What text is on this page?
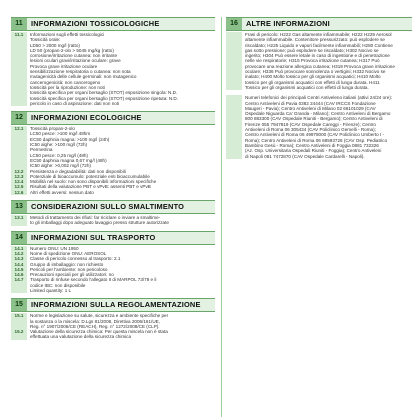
11	INFORMAZIONI TOSSICOLOGICHE
11.1	Informazioni sugli effetti tossicologici
Tossicità orale:
LD50 > 2000 mg/l (ratto)
LD 50 (propan-2-olo > 5045 mg/kg (ratto)
corrosione/irritazione cutanea: non irritante
lesioni oculari gravi/irritazione oculare: grave
Provoca grave irritazione oculare
sensibilizzazione respiratoria o cutanea: non nota
mutagenicità delle cellule germinali: non mutagenico
cancerogenicità: non cancerogeno
tossicità per la riproduzione: non noti
tossicità specifica per organi bersaglio (STOT) esposizione singola: N.D.
tossicità specifica per organi bersaglio (STOT) esposizione ripetuta: N.D.
pericolo in caso di aspirazione: dati non noti
12	INFORMAZIONI ECOLOGICHE
12.1	Tossicità propan-2-olo
LC50 pesce: >100 mg/l 48hrs
EC50 daphnia magna: >100 mg/l (24h)
IC50 alghe: >100 mg/l (72h)
Permetrina
LC50 pesce: 0,25 mg/l (48h)
EC50 daphnia magna 0,67 mg/l (48h)
IC50 alghe: >0,002 mg/l (72h)
12.2	Persistenza e degradabilità: dati non disponibili
12.3	Potenziale di bioaccumulo: potenziale enti bioaccumulabile
12.4	Mobilità nel suolo: non sono disponibili informazioni specifiche
12.5	Risultati della valutazione PBT e vPvB: assenti PBT e vPvB
12.6	Altri effetti avversi: nessun dato
13	CONSIDERAZIONI SULLO SMALTIMENTO
13.1	Metodi di trattamento dei rifiuti: far riciclare o inviare a smaltime-
to gli imballaggi dopo adeguato lavaggio presso strutture autorizzate
14	INFORMAZIONI SUL TRASPORTO
14.1	Numero ONU: UN 1950
14.2	Nome di spedizione ONU: AEROSOL
14.3	Classe di pericolo connesso al trasporto: 2.1
14.4	Gruppo di imballaggio: non richiesto
14.5	Pericoli per l'ambiente: non pericoloso
14.6	Precauzioni speciali per gli utilizzatori: no
14.7	Trasporto di rinfuse secondo l'allegato II di MARPOL 73/78 e il
codice IBC: non disponibile
Limited quantity: 1 L
15	INFORMAZIONI SULLA REGOLAMENTAZIONE
15.1	Norme e legislazione su salute, sicurezza e ambiente specifiche per
la sostanza o la miscela: D.Lgs 81/2008, Direttiva 2006/161/UE,
Reg. n° 1907/2006/CE (REACH), Reg. n° 1272/2008/CE (CLP).
15.2	Valutazione della sicurezza chimica: Per questa miscela non è stata
effettuata una valutazione della sicurezza chimica
16	ALTRE INFORMAZIONI
Frasi di pericolo: H222 Gas altamente infiammabile; H222 H229 Aerosol
altamente infiammabile. Contenitore pressurizzato: può esplodere se
riscaldato; H225 Liquido e vapori facilmente infiammabili; H280 Contiene
gas sotto pressione; può esplodere se riscaldato; H302 Nocivo se
ingerito; H304 Può essere letale in caso di ingestione e di penetrazione
nelle vie respiratorie; H315 Provoca irritazione cutanea; H317 Può
provocare una reazione allergica cutanea; H319 Provoca grave irritazione
oculare; H336 Può provocare sonnolenza o vertigini; H332 Nocivo se
inalato; H400 Molto tossico per gli organismi acquatici; H410 Molto
tossico per gli organismi acquatici con effetti di lunga durata. H411
Tossico per gli organismi acquatici con effetti di lunga durata.
Numeri telefonici dei principali Centri Antiveleno italiani (attivi 24/24 ore):
Centro Antiveleni di Pavia 0382 24444 (CAV IRCCS Fondazione
Maugeri - Pavia); Centro Antiveleni di Milano 02 66101029 (CAV
Ospedale Niguarda Ca' Granda - Milano); Centro Antiveleni di Bergamo
800 883300 (CAV Ospedale Riuniti - Bergamo); Centro Antiveleni di
Firenze 055 7947819 (CAV Ospedale Careggi - Firenze); Centro
Antiveleni di Roma 06 305434 (CAV Policlinico Gemelli - Roma);
Centro Antiveleni di Roma 06 49978000 (CAV Policlinico Umberto I -
Roma); Centro Antiveleni di Roma 06 68593726 (CAV Osp. Pediatrico
Bambino Gesù - Roma); Centro Antiveleni di Foggia 0881 732326
(Az. Osp. Universitaria Ospedali Riuniti - Foggia); Centro Antiveleni
di Napoli 081 7472870 (CAV Ospedale Cardarelli - Napoli).
